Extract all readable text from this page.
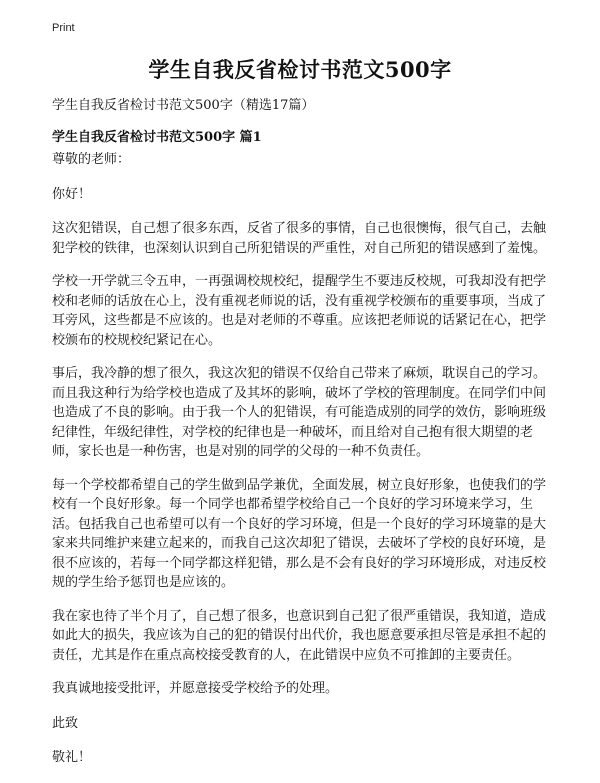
Print
学生自我反省检讨书范文500字
学生自我反省检讨书范文500字（精选17篇）
学生自我反省检讨书范文500字 篇1

尊敬的老师：

你好！

这次犯错误，自己想了很多东西，反省了很多的事情，自己也很懊悔，很气自己，去触犯学校的铁律，也深刻认识到自己所犯错误的严重性，对自己所犯的错误感到了羞愧。

学校一开学就三令五申，一再强调校规校纪，提醒学生不要违反校规，可我却没有把学校和老师的话放在心上，没有重视老师说的话，没有重视学校颁布的重要事项，当成了耳旁风，这些都是不应该的。也是对老师的不尊重。应该把老师说的话紧记在心，把学校颁布的校规校纪紧记在心。

事后，我冷静的想了很久，我这次犯的错误不仅给自己带来了麻烦，耽误自己的学习。而且我这种行为给学校也造成了及其坏的影响，破坏了学校的管理制度。在同学们中间也造成了不良的影响。由于我一个人的犯错误，有可能造成别的同学的效仿，影响班级纪律性，年级纪律性，对学校的纪律也是一种破坏，而且给对自己抱有很大期望的老师，家长也是一种伤害，也是对别的同学的父母的一种不负责任。

每一个学校都希望自己的学生做到品学兼优，全面发展，树立良好形象，也使我们的学校有一个良好形象。每一个同学也都希望学校给自己一个良好的学习环境来学习，生活。包括我自己也希望可以有一个良好的学习环境，但是一个良好的学习环境靠的是大家来共同维护来建立起来的，而我自己这次却犯了错误，去破坏了学校的良好环境，是很不应该的，若每一个同学都这样犯错，那么是不会有良好的学习环境形成，对违反校规的学生给予惩罚也是应该的。

我在家也待了半个月了，自己想了很多，也意识到自己犯了很严重错误，我知道，造成如此大的损失，我应该为自己的犯的错误付出代价，我也愿意要承担尽管是承担不起的责任，尤其是作在重点高校接受教育的人，在此错误中应负不可推卸的主要责任。

我真诚地接受批评，并愿意接受学校给予的处理。

此致

敬礼！
